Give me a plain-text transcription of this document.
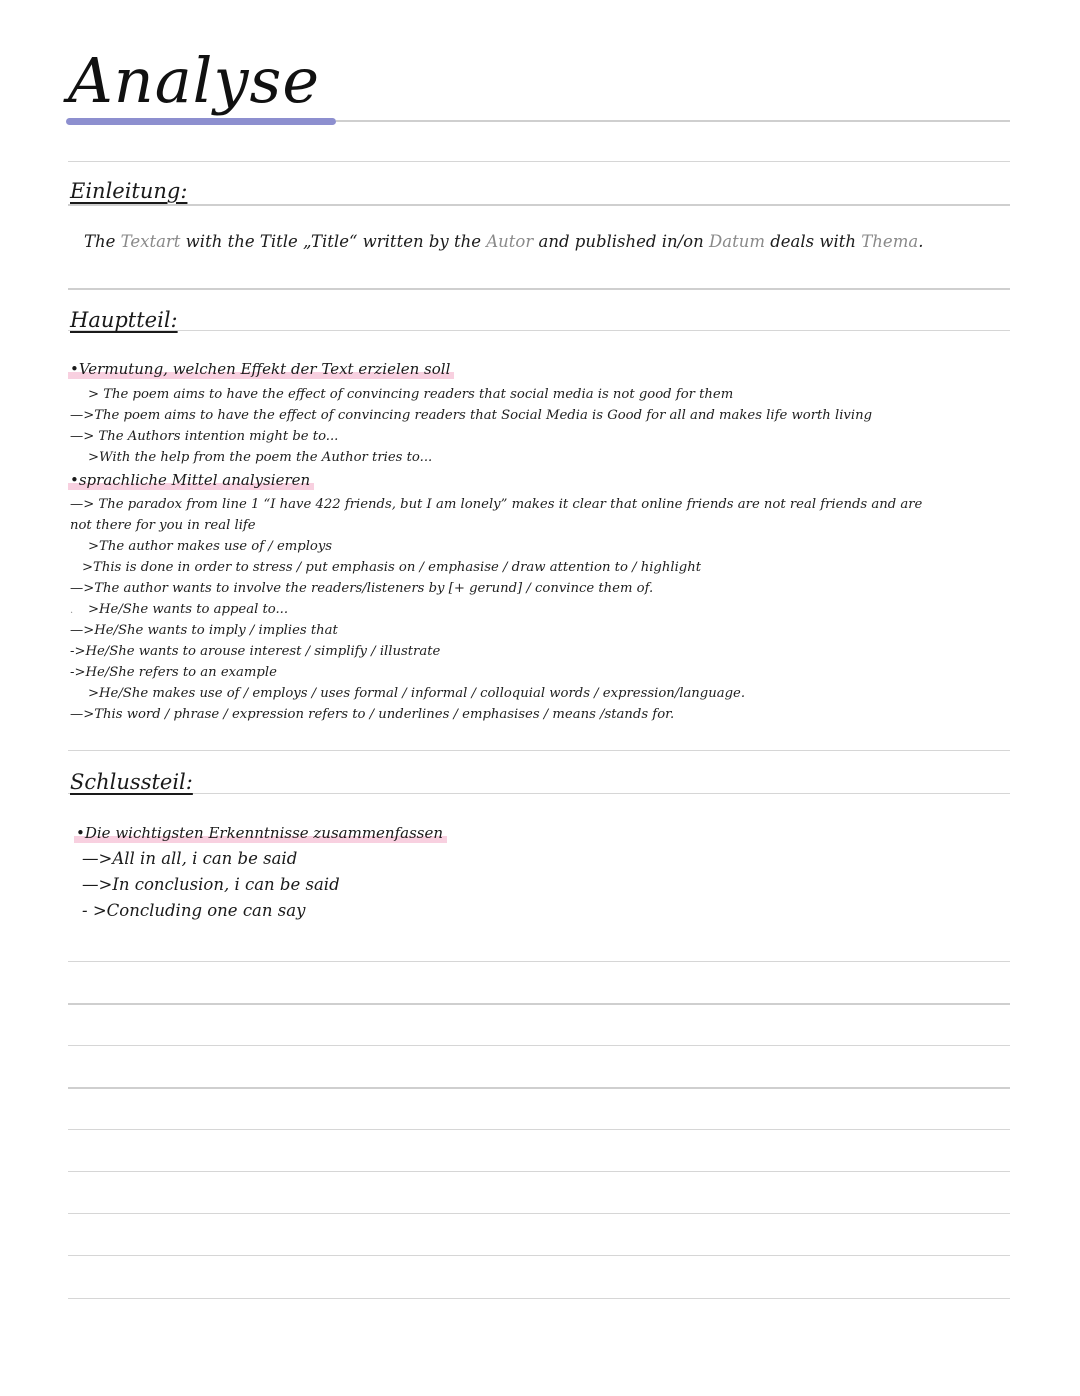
Analyse
Einleitung:
The Textart with the Title „Title“ written by the Autor and published in/on Datum deals with Thema.
Hauptteil:
•Vermutung, welchen Effekt der Text erzielen soll
> The poem aims to have the effect of convincing readers that social media is not good for them
—>The poem aims to have the effect of convincing readers that Social Media is Good for all and makes life worth living
—> The Authors intention might be to...
>With the help from the poem the Author tries to...
•sprachliche Mittel analysieren
—> The paradox from line 1 “I have 422 friends, but I am lonely” makes it clear that online friends are not real friends and are
not there for you in real life
>The author makes use of / employs
>This is done in order to stress / put emphasis on / emphasise / draw attention to / highlight
—>The author wants to involve the readers/listeners by [+ gerund] / convince them of.
· >He/She wants to appeal to...
—>He/She wants to imply / implies that
->He/She wants to arouse interest / simplify / illustrate
->He/She refers to an example
>He/She makes use of / employs / uses formal / informal / colloquial words / expression/language.
—>This word / phrase / expression refers to / underlines / emphasises / means /stands for.
Schlussteil:
•Die wichtigsten Erkenntnisse zusammenfassen
—>All in all, i can be said
—>In conclusion, i can be said
- >Concluding one can say
